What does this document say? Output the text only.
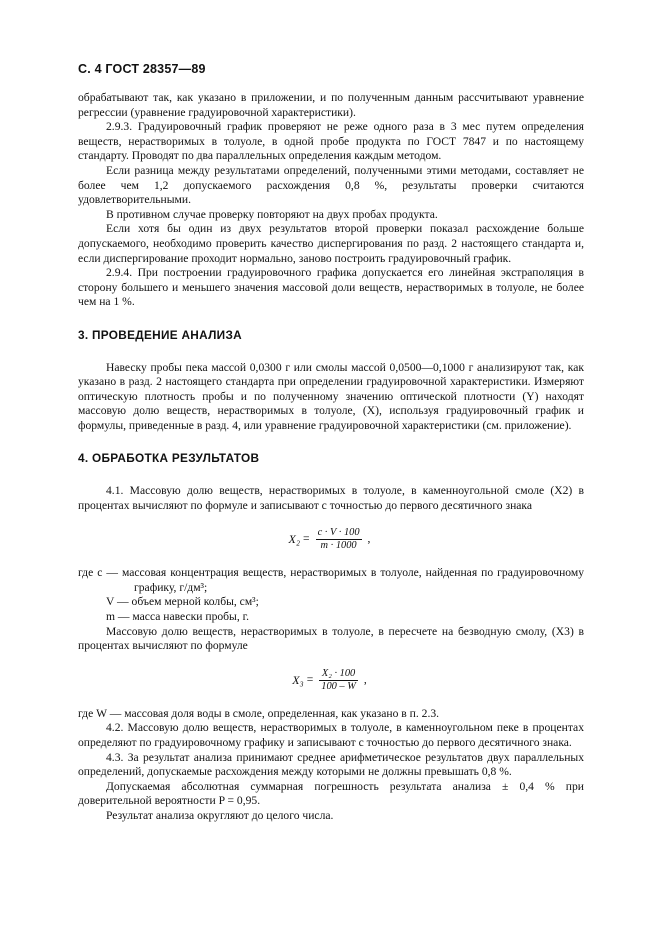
С. 4 ГОСТ 28357—89

обрабатывают так, как указано в приложении, и по полученным данным рассчитывают уравнение регрессии (уравнение градуировочной характеристики).

2.9.3. Градуировочный график проверяют не реже одного раза в 3 мес путем определения веществ, нерастворимых в толуоле, в одной пробе продукта по ГОСТ 7847 и по настоящему стандарту. Проводят по два параллельных определения каждым методом.

Если разница между результатами определений, полученными этими методами, составляет не более чем 1,2 допускаемого расхождения 0,8 %, результаты проверки считаются удовлетворительными.

В противном случае проверку повторяют на двух пробах продукта.

Если хотя бы один из двух результатов второй проверки показал расхождение больше допускаемого, необходимо проверить качество диспергирования по разд. 2 настоящего стандарта и, если диспергирование проходит нормально, заново построить градуировочный график.

2.9.4. При построении градуировочного графика допускается его линейная экстраполяция в сторону большего и меньшего значения массовой доли веществ, нерастворимых в толуоле, не более чем на 1 %.

3. ПРОВЕДЕНИЕ АНАЛИЗА

Навеску пробы пека массой 0,0300 г или смолы массой 0,0500—0,1000 г анализируют так, как указано в разд. 2 настоящего стандарта при определении градуировочной характеристики. Измеряют оптическую плотность пробы и по полученному значению оптической плотности (Y) находят массовую долю веществ, нерастворимых в толуоле, (X), используя градуировочный график и формулы, приведенные в разд. 4, или уравнение градуировочной характеристики (см. приложение).

4. ОБРАБОТКА РЕЗУЛЬТАТОВ

4.1. Массовую долю веществ, нерастворимых в толуоле, в каменноугольной смоле (X2) в процентах вычисляют по формуле и записывают с точностью до первого десятичного знака

$X_2 = \frac{c \cdot V \cdot 100}{m \cdot 1000}$ ,

где c — массовая концентрация веществ, нерастворимых в толуоле, найденная по градуировочному графику, г/дм³;

V — объем мерной колбы, см³;

m — масса навески пробы, г.

Массовую долю веществ, нерастворимых в толуоле, в пересчете на безводную смолу, (X3) в процентах вычисляют по формуле

$X_3 = \frac{\text{X₂ · 100}}{100 - W}$ ,

где W — массовая доля воды в смоле, определенная, как указано в п. 2.3.

4.2. Массовую долю веществ, нерастворимых в толуоле, в каменноугольном пеке в процентах определяют по градуировочному графику и записывают с точностью до первого десятичного знака.

4.3. За результат анализа принимают среднее арифметическое результатов двух параллельных определений, допускаемые расхождения между которыми не должны превышать 0,8 %.

Допускаемая абсолютная суммарная погрешность результата анализа ± 0,4 % при доверительной вероятности P = 0,95.

Результат анализа округляют до целого числа.
